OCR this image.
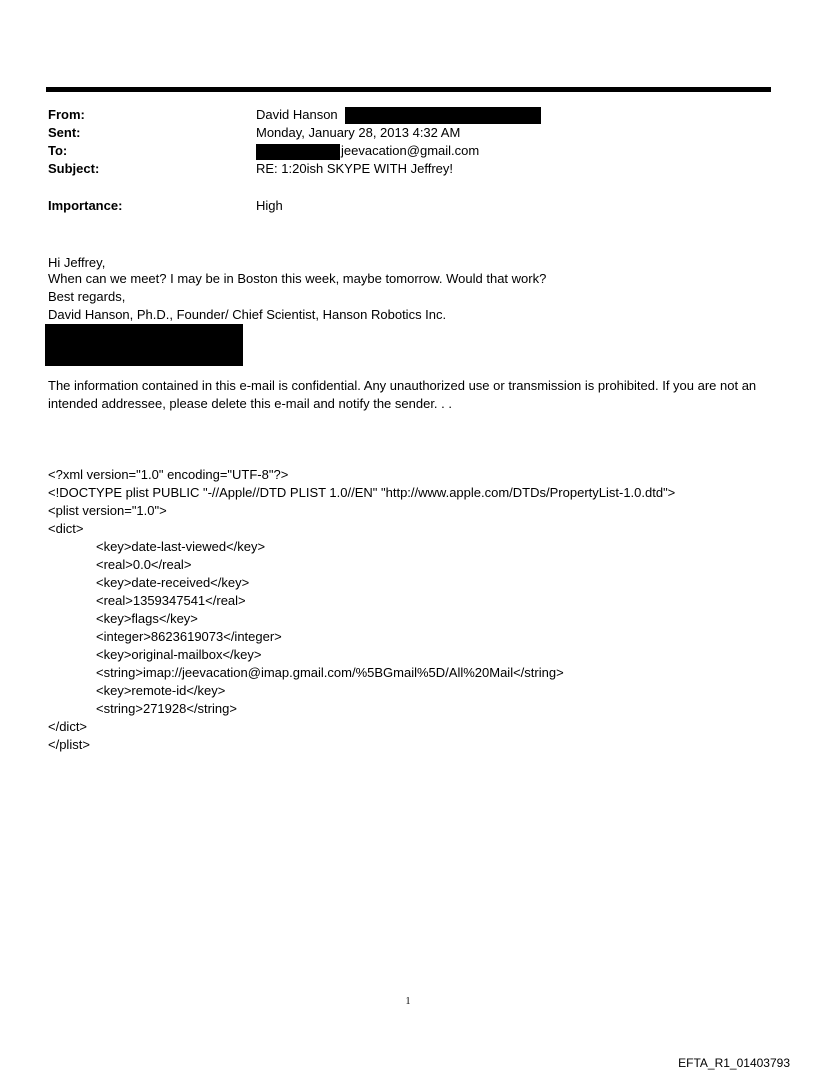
From:	David Hanson
Sent:	Monday, January 28, 2013 4:32 AM
To:	jeevacation@gmail.com
Subject:	RE: 1:20ish SKYPE WITH Jeffrey!
Importance:	High
Hi Jeffrey,
When can we meet? I may be in Boston this week, maybe tomorrow. Would that work?
Best regards,
David Hanson, Ph.D., Founder/ Chief Scientist, Hanson Robotics Inc.
The information contained in this e-mail is confidential. Any unauthorized use or transmission is prohibited. If you are not an intended addressee, please delete this e-mail and notify the sender. . .
<?xml version="1.0" encoding="UTF-8"?>
<!DOCTYPE plist PUBLIC "-//Apple//DTD PLIST 1.0//EN" "http://www.apple.com/DTDs/PropertyList-1.0.dtd">
<plist version="1.0">
<dict>
<key>date-last-viewed</key>
<real>0.0</real>
<key>date-received</key>
<real>1359347541</real>
<key>flags</key>
<integer>8623619073</integer>
<key>original-mailbox</key>
<string>imap://jeevacation@imap.gmail.com/%5BGmail%5D/All%20Mail</string>
<key>remote-id</key>
<string>271928</string>
</dict>
</plist>
1
EFTA_R1_01403793
